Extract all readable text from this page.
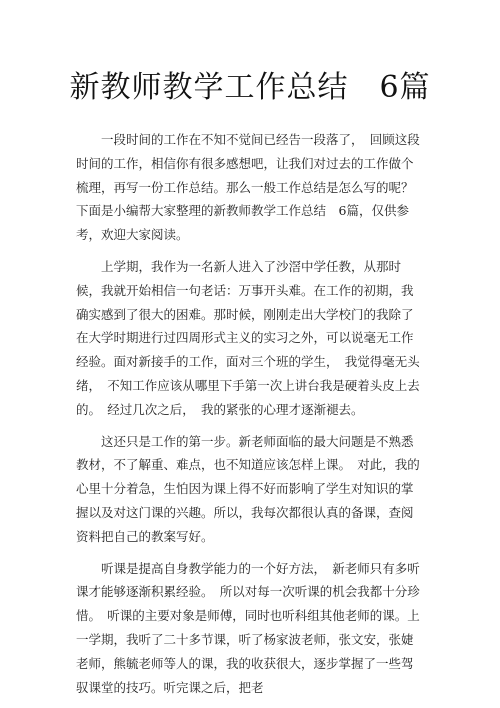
新教师教学工作总结　6篇

一段时间的工作在不知不觉间已经告一段落了，　回顾这段时间的工作，相信你有很多感想吧，让我们对过去的工作做个梳理，再写一份工作总结。那么一般工作总结是怎么写的呢？下面是小编帮大家整理的新教师教学工作总结　6篇，仅供参考，欢迎大家阅读。

上学期，我作为一名新人进入了沙滘中学任教，从那时候，我就开始相信一句老话：万事开头难。在工作的初期，我确实感到了很大的困难。那时候，刚刚走出大学校门的我除了在大学时期进行过四周形式主义的实习之外，可以说毫无工作经验。面对新接手的工作，面对三个班的学生，　我觉得毫无头绪，　不知工作应该从哪里下手第一次上讲台我是硬着头皮上去的。　经过几次之后，　我的紧张的心理才逐渐褪去。

这还只是工作的第一步。新老师面临的最大问题是不熟悉教材，不了解重、难点，也不知道应该怎样上课。　对此，我的心里十分着急，生怕因为课上得不好而影响了学生对知识的掌握以及对这门课的兴趣。所以，我每次都很认真的备课，查阅资料把自己的教案写好。

听课是提高自身教学能力的一个好方法，　新老师只有多听课才能够逐渐积累经验。　所以对每一次听课的机会我都十分珍惜。　听课的主要对象是师傅，同时也听科组其他老师的课。上一学期，我听了二十多节课，听了杨家波老师，张文安，张婕老师，熊毓老师等人的课，我的收获很大，逐步掌握了一些驾驭课堂的技巧。听完课之后，把老
